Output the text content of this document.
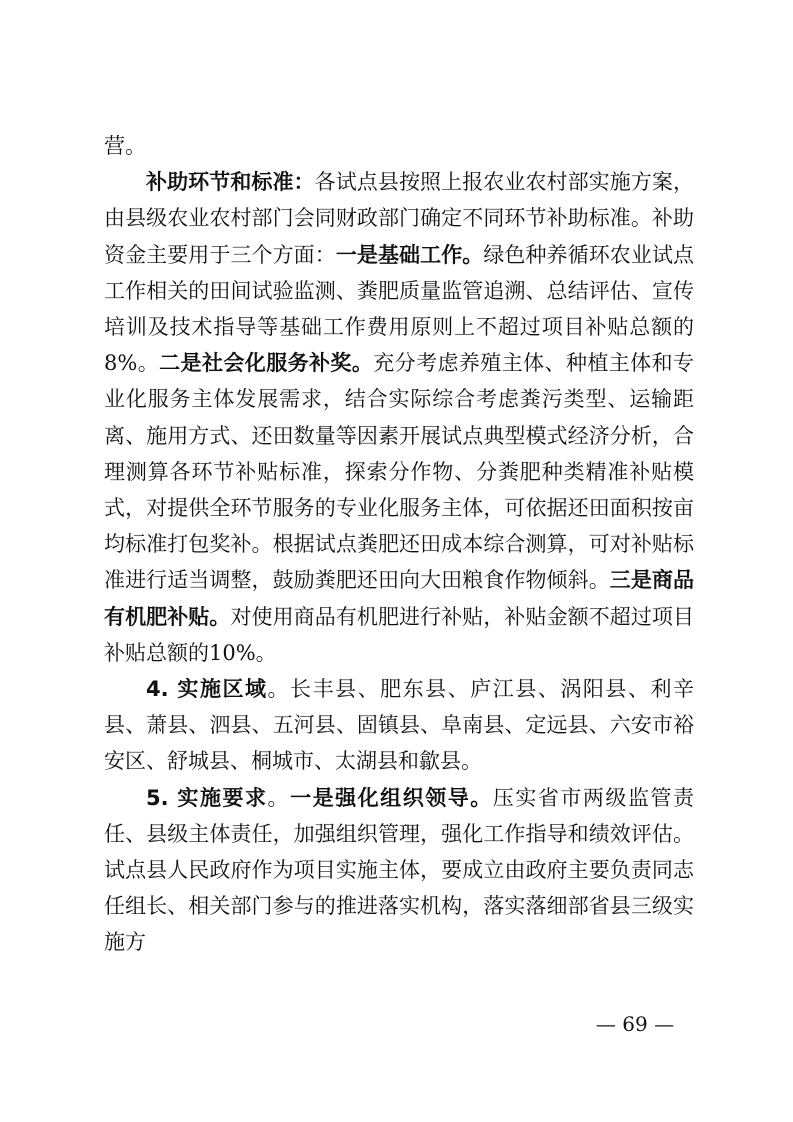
营。

补助环节和标准：各试点县按照上报农业农村部实施方案，由县级农业农村部门会同财政部门确定不同环节补助标准。补助资金主要用于三个方面：一是基础工作。绿色种养循环农业试点工作相关的田间试验监测、粪肥质量监管追溯、总结评估、宣传培训及技术指导等基础工作费用原则上不超过项目补贴总额的8%。二是社会化服务补奖。充分考虑养殖主体、种植主体和专业化服务主体发展需求，结合实际综合考虑粪污类型、运输距离、施用方式、还田数量等因素开展试点典型模式经济分析，合理测算各环节补贴标准，探索分作物、分粪肥种类精准补贴模式，对提供全环节服务的专业化服务主体，可依据还田面积按亩均标准打包奖补。根据试点粪肥还田成本综合测算，可对补贴标准进行适当调整，鼓励粪肥还田向大田粮食作物倾斜。三是商品有机肥补贴。对使用商品有机肥进行补贴，补贴金额不超过项目补贴总额的10%。

4. 实施区域。长丰县、肥东县、庐江县、涡阳县、利辛县、萧县、泗县、五河县、固镇县、阜南县、定远县、六安市裕安区、舒城县、桐城市、太湖县和歙县。

5. 实施要求。一是强化组织领导。压实省市两级监管责任、县级主体责任，加强组织管理，强化工作指导和绩效评估。试点县人民政府作为项目实施主体，要成立由政府主要负责同志任组长、相关部门参与的推进落实机构，落实落细部省县三级实施方

— 69 —
